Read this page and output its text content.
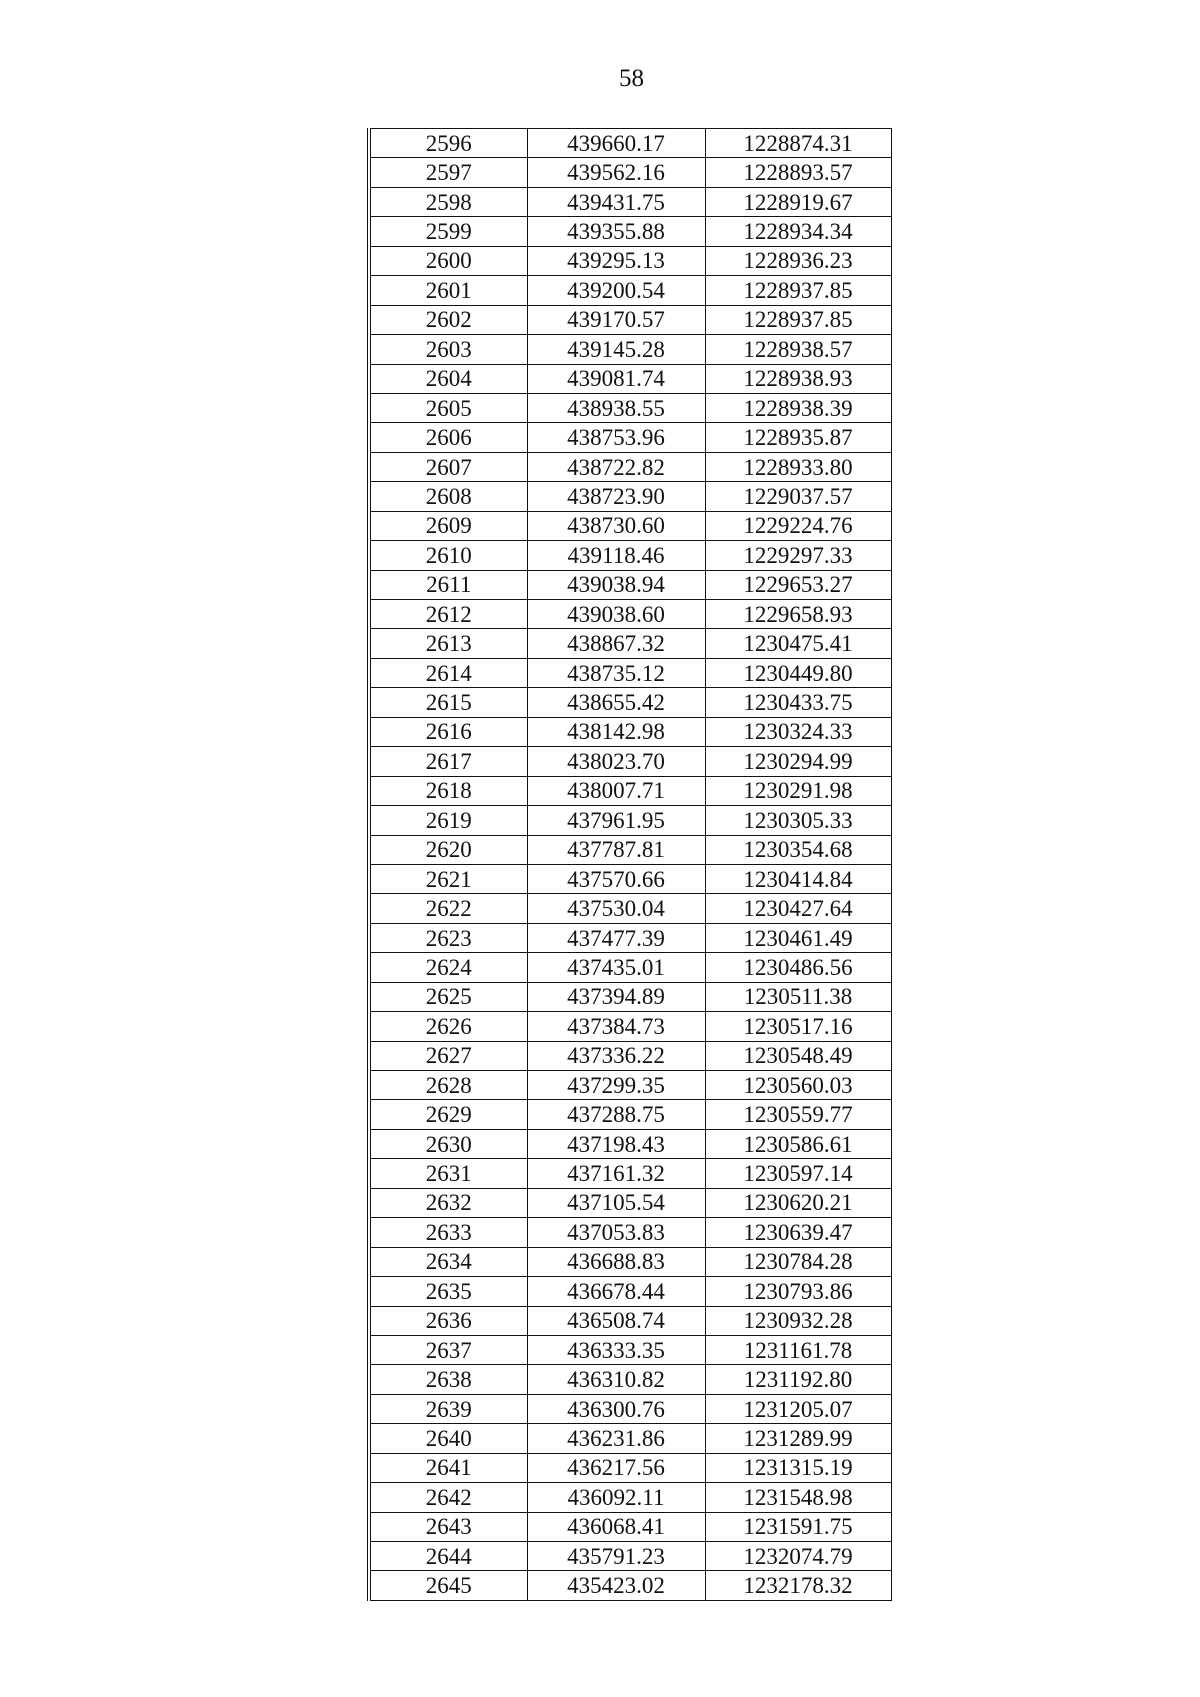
58
2596	439660.17	1228874.31
2597	439562.16	1228893.57
2598	439431.75	1228919.67
2599	439355.88	1228934.34
2600	439295.13	1228936.23
2601	439200.54	1228937.85
2602	439170.57	1228937.85
2603	439145.28	1228938.57
2604	439081.74	1228938.93
2605	438938.55	1228938.39
2606	438753.96	1228935.87
2607	438722.82	1228933.80
2608	438723.90	1229037.57
2609	438730.60	1229224.76
2610	439118.46	1229297.33
2611	439038.94	1229653.27
2612	439038.60	1229658.93
2613	438867.32	1230475.41
2614	438735.12	1230449.80
2615	438655.42	1230433.75
2616	438142.98	1230324.33
2617	438023.70	1230294.99
2618	438007.71	1230291.98
2619	437961.95	1230305.33
2620	437787.81	1230354.68
2621	437570.66	1230414.84
2622	437530.04	1230427.64
2623	437477.39	1230461.49
2624	437435.01	1230486.56
2625	437394.89	1230511.38
2626	437384.73	1230517.16
2627	437336.22	1230548.49
2628	437299.35	1230560.03
2629	437288.75	1230559.77
2630	437198.43	1230586.61
2631	437161.32	1230597.14
2632	437105.54	1230620.21
2633	437053.83	1230639.47
2634	436688.83	1230784.28
2635	436678.44	1230793.86
2636	436508.74	1230932.28
2637	436333.35	1231161.78
2638	436310.82	1231192.80
2639	436300.76	1231205.07
2640	436231.86	1231289.99
2641	436217.56	1231315.19
2642	436092.11	1231548.98
2643	436068.41	1231591.75
2644	435791.23	1232074.79
2645	435423.02	1232178.32
